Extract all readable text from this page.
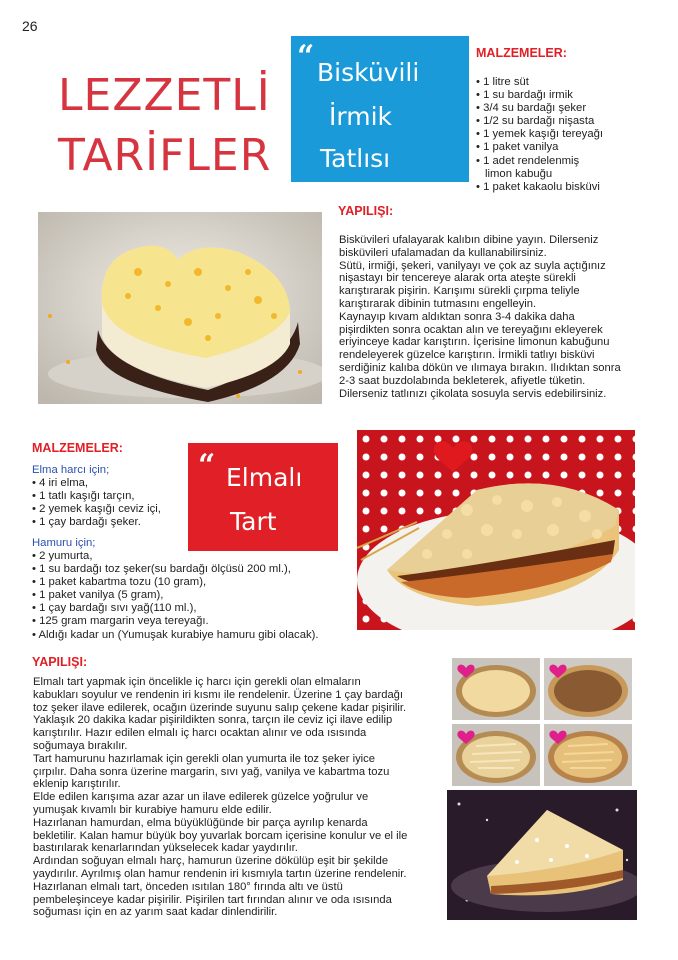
26
LEZZETLİ
TARİFLER
“ Bisküvili
İrmik
Tatlısı
MALZEMELER:
• 1 litre süt
• 1 su bardağı irmik
• 3/4 su bardağı şeker
• 1/2 su bardağı nişasta
• 1 yemek kaşığı tereyağı
• 1 paket vanilya
• 1 adet rendelenmiş
limon kabuğu
• 1 paket kakaolu bisküvi
YAPILIŞI:

Bisküvileri ufalayarak kalıbın dibine yayın. Dilerseniz

bisküvileri ufalamadan da kullanabilirsiniz.

Sütü, irmiği, şekeri, vanilyayı ve çok az suyla açtığınız

nişastayı bir tencereye alarak orta ateşte sürekli

karıştırarak pişirin. Karışımı sürekli çırpma teliyle

karıştırarak dibinin tutmasını engelleyin.

Kaynayıp kıvam aldıktan sonra 3-4 dakika daha

pişirdikten sonra ocaktan alın ve tereyağını ekleyerek

eriyinceye kadar karıştırın. İçerisine limonun kabuğunu

rendeleyerek güzelce karıştırın. İrmikli tatlıyı bisküvi

serdiğiniz kalıba dökün ve ılımaya bırakın. Ilıdıktan sonra

2-3 saat buzdolabında bekleterek, afiyetle tüketin.

Dilerseniz tatlınızı çikolata sosuyla servis edebilirsiniz.

MALZEMELER:
Elma harcı için;
• 4 iri elma,
• 1 tatlı kaşığı tarçın,
• 2 yemek kaşığı ceviz içi,
• 1 çay bardağı şeker.
Hamuru için;
• 2 yumurta,
• 1 su bardağı toz şeker(su bardağı ölçüsü 200 ml.),
• 1 paket kabartma tozu (10 gram),
• 1 paket vanilya (5 gram),
• 1 çay bardağı sıvı yağ(110 ml.),
• 125 gram margarin veya tereyağı.
• Aldığı kadar un (Yumuşak kurabiye hamuru gibi olacak).
“ Elmalı
Tart
YAPILIŞI:

Elmalı tart yapmak için öncelikle iç harcı için gerekli olan elmaların

kabukları soyulur ve rendenin iri kısmı ile rendelenir. Üzerine 1 çay bardağı

toz şeker ilave edilerek, ocağın üzerinde suyunu salıp çekene kadar pişirilir.

Yaklaşık 20 dakika kadar pişirildikten sonra, tarçın ile ceviz içi ilave edilip

karıştırılır. Hazır edilen elmalı iç harcı ocaktan alınır ve oda ısısında

soğumaya bırakılır.

Tart hamurunu hazırlamak için gerekli olan yumurta ile toz şeker iyice

çırpılır. Daha sonra üzerine margarin, sıvı yağ, vanilya ve kabartma tozu

eklenip karıştırılır.

Elde edilen karışıma azar azar un ilave edilerek güzelce yoğrulur ve

yumuşak kıvamlı bir kurabiye hamuru elde edilir.

Hazırlanan hamurdan, elma büyüklüğünde bir parça ayrılıp kenarda

bekletilir. Kalan hamur büyük boy yuvarlak borcam içerisine konulur ve el ile

bastırılarak kenarlarından yükselecek kadar yaydırılır.

Ardından soğuyan elmalı harç, hamurun üzerine dökülüp eşit bir şekilde

yaydırılır. Ayrılmış olan hamur rendenin iri kısmıyla tartın üzerine rendelenir.

Hazırlanan elmalı tart, önceden ısıtılan 180° fırında altı ve üstü

pembeleşinceye kadar pişirilir. Pişirilen tart fırından alınır ve oda ısısında

soğuması için en az yarım saat kadar dinlendirilir.
